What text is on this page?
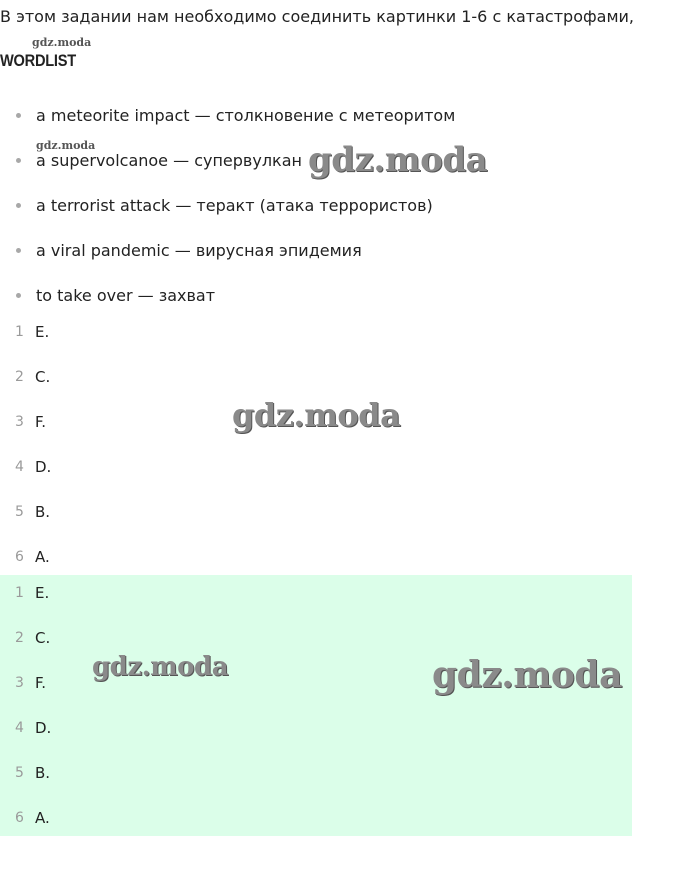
В этом задании нам необходимо соединить картинки 1-6 с катастрофами,
gdz.moda
WORDLIST
a meteorite impact — столкновение с метеоритом
a supervolcanoe — супервулкан
a terrorist attack — теракт (атака террористов)
a viral pandemic — вирусная эпидемия
to take over — захват
gdz.moda	gdz.moda
1 E.
2 C.
3 F.
4 D.
5 B.
6 A.
gdz.moda
1 E.
2 C.
3 F.
4 D.
5 B.
6 A.
gdz.moda	gdz.moda
